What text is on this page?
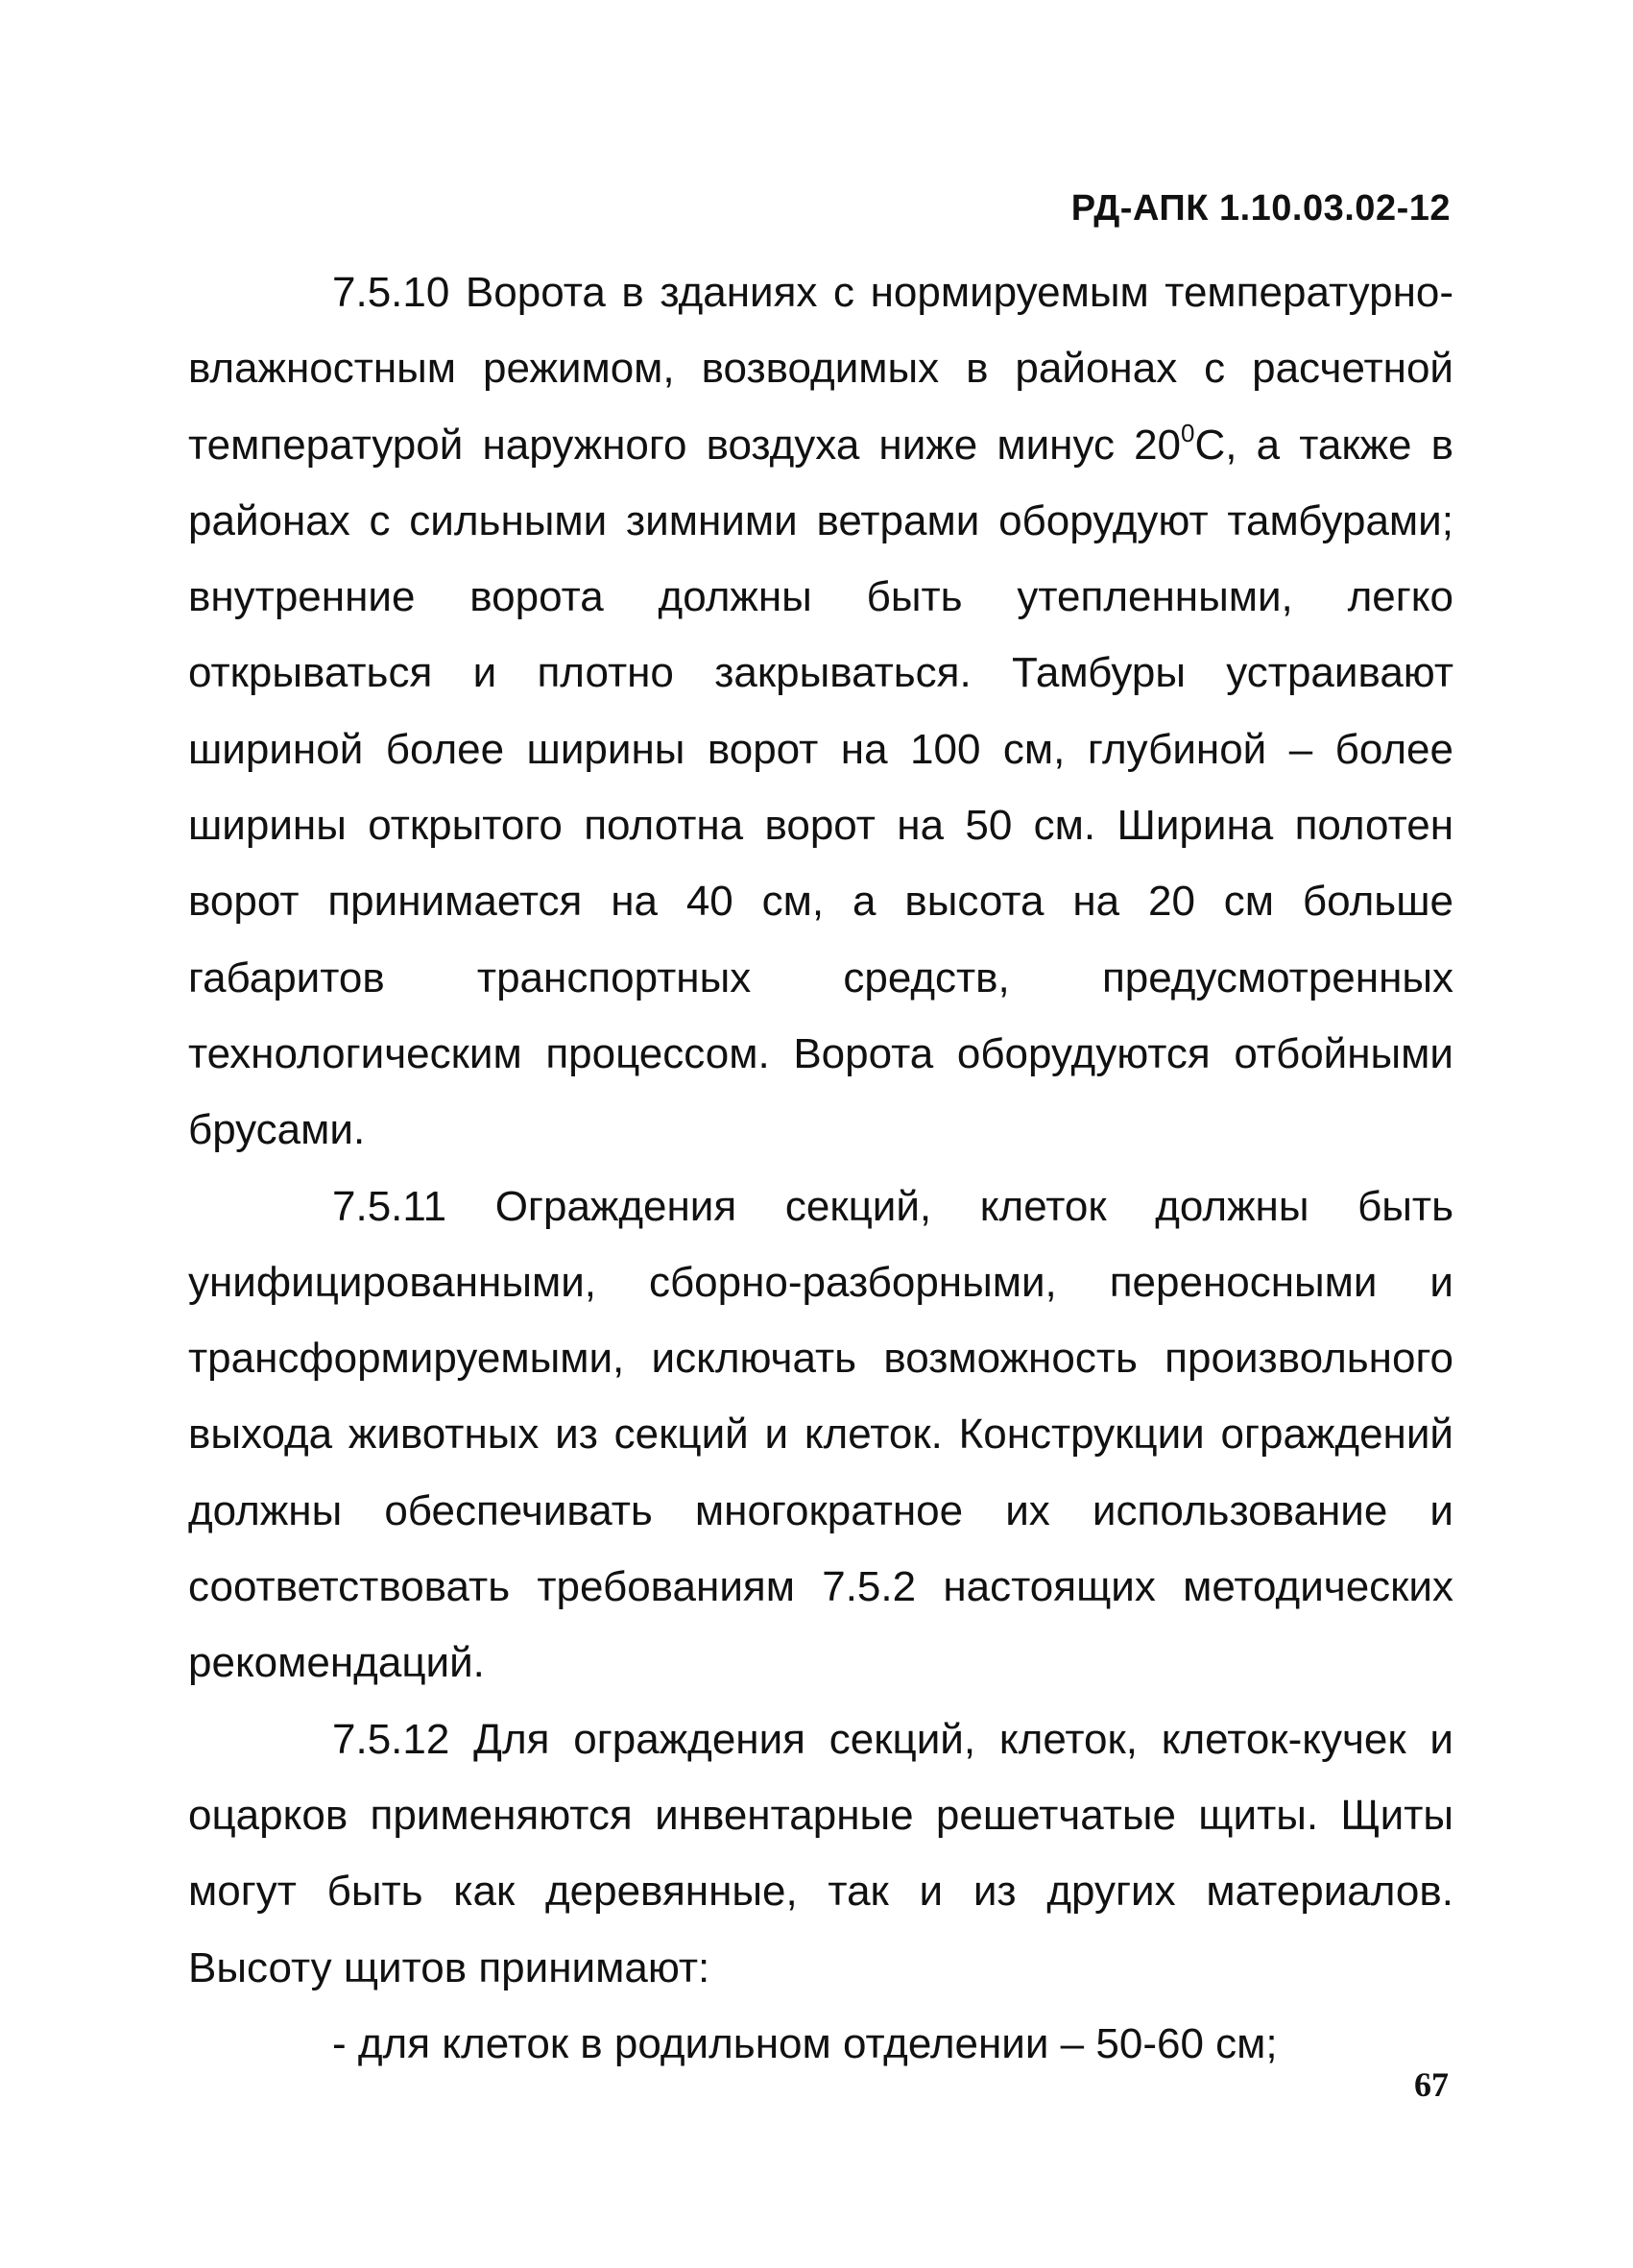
РД-АПК 1.10.03.02-12

7.5.10 Ворота в зданиях с нормируемым температурно-влажностным режимом, возводимых в районах с расчетной температурой наружного воздуха ниже минус $20^0С$, а также в районах с сильными зимними ветрами оборудуют тамбурами; внутренние ворота должны быть утепленными, легко открываться и плотно закрываться. Тамбуры устраивают шириной более ширины ворот на 100 см, глубиной – более ширины открытого полотна ворот на 50 см. Ширина полотен ворот принимается на 40 см, а высота на 20 см больше габаритов транспортных средств, предусмотренных технологическим процессом. Ворота оборудуются отбойными брусами.

7.5.11 Ограждения секций, клеток должны быть унифицированными, сборно-разборными, переносными и трансформируемыми, исключать возможность произвольного выхода животных из секций и клеток. Конструкции ограждений должны обеспечивать многократное их использование и соответствовать требованиям 7.5.2 настоящих методических рекомендаций.

7.5.12 Для ограждения секций, клеток, клеток-кучек и оцарков применяются инвентарные решетчатые щиты. Щиты могут быть как деревянные, так и из других материалов. Высоту щитов принимают:

- для клеток в родильном отделении – 50-60 см;

67
